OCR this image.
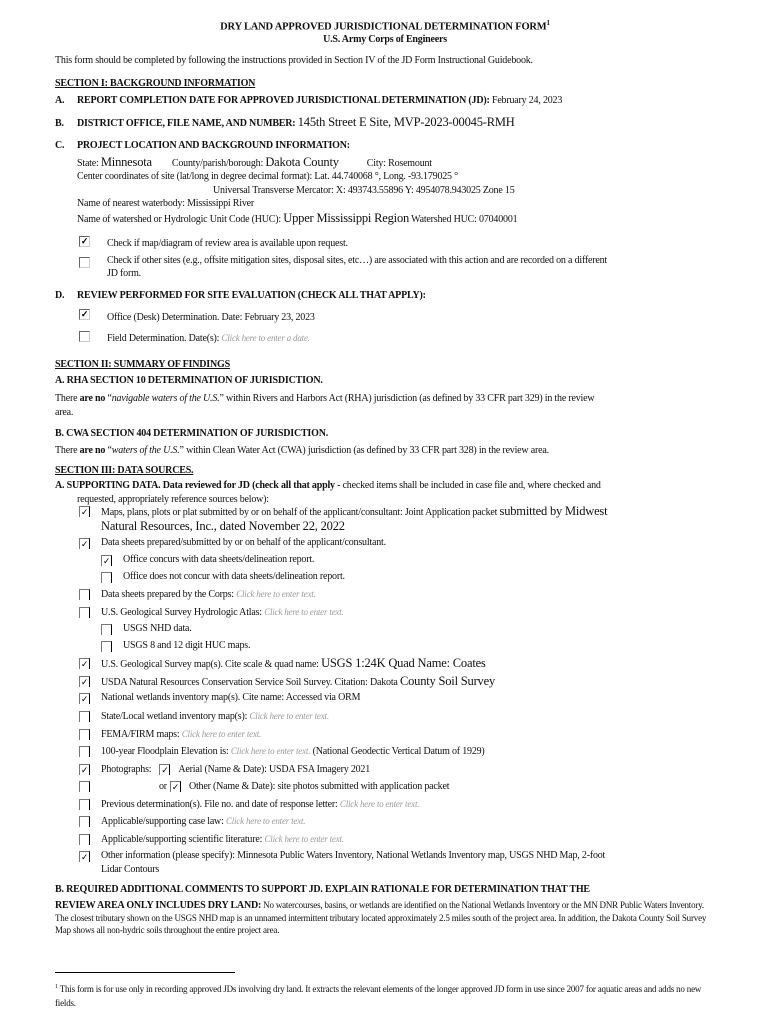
DRY LAND APPROVED JURISDICTIONAL DETERMINATION FORM$^1$
U.S. Army Corps of Engineers
This form should be completed by following the instructions provided in Section IV of the JD Form Instructional Guidebook.
SECTION I: BACKGROUND INFORMATION
A. REPORT COMPLETION DATE FOR APPROVED JURISDICTIONAL DETERMINATION (JD): February 24, 2023
B. DISTRICT OFFICE, FILE NAME, AND NUMBER: 145th Street E Site, MVP-2023-00045-RMH
C. PROJECT LOCATION AND BACKGROUND INFORMATION:
State: Minnesota County/parish/borough: Dakota County	City: Rosemount
Center coordinates of site (lat/long in degree decimal format): Lat. 44.740068 °, Long. -93.179025 °
Universal Transverse Mercator: X: 493743.55896 Y: 4954078.943025 Zone 15
Name of nearest waterbody: Mississippi River
Name of watershed or Hydrologic Unit Code (HUC): Upper Mississippi Region Watershed HUC: 07040001
✓ Check if map/diagram of review area is available upon request.
Check if other sites (e.g., offsite mitigation sites, disposal sites, etc…) are associated with this action and are recorded on a different
JD form.
D. REVIEW PERFORMED FOR SITE EVALUATION (CHECK ALL THAT APPLY):
✓ Office (Desk) Determination. Date: February 23, 2023
Field Determination. Date(s): Click here to enter a date.
SECTION II: SUMMARY OF FINDINGS
A. RHA SECTION 10 DETERMINATION OF JURISDICTION.
There are no “navigable waters of the U.S.” within Rivers and Harbors Act (RHA) jurisdiction (as defined by 33 CFR part 329) in the review
area.
B. CWA SECTION 404 DETERMINATION OF JURISDICTION.
There are no “waters of the U.S.” within Clean Water Act (CWA) jurisdiction (as defined by 33 CFR part 328) in the review area.
SECTION III: DATA SOURCES.
A. SUPPORTING DATA. Data reviewed for JD (check all that apply - checked items shall be included in case file and, where checked and
requested, appropriately reference sources below):
✓ Maps, plans, plots or plat submitted by or on behalf of the applicant/consultant: Joint Application packet submitted by Midwest
Natural Resources, Inc., dated November 22, 2022
✓ Data sheets prepared/submitted by or on behalf of the applicant/consultant.
✓ Office concurs with data sheets/delineation report.
Office does not concur with data sheets/delineation report.
Data sheets prepared by the Corps: Click here to enter text.
U.S. Geological Survey Hydrologic Atlas: Click here to enter text.
USGS NHD data.
USGS 8 and 12 digit HUC maps.
✓ U.S. Geological Survey map(s). Cite scale & quad name: USGS 1:24K Quad Name: Coates
✓ USDA Natural Resources Conservation Service Soil Survey. Citation: Dakota County Soil Survey
✓ National wetlands inventory map(s). Cite name: Accessed via ORM
State/Local wetland inventory map(s): Click here to enter text.
FEMA/FIRM maps: Click here to enter text.
100-year Floodplain Elevation is: Click here to enter text. (National Geodectic Vertical Datum of 1929)
✓ Photographs: ✓ Aerial (Name & Date): USDA FSA Imagery 2021
or ✓ Other (Name & Date): site photos submitted with application packet
Previous determination(s). File no. and date of response letter: Click here to enter text.
Applicable/supporting case law: Click here to enter text.
Applicable/supporting scientific literature: Click here to enter text.
✓ Other information (please specify): Minnesota Public Waters Inventory, National Wetlands Inventory map, USGS NHD Map, 2-foot
Lidar Contours
B. REQUIRED ADDITIONAL COMMENTS TO SUPPORT JD. EXPLAIN RATIONALE FOR DETERMINATION THAT THE
REVIEW AREA ONLY INCLUDES DRY LAND: No watercourses, basins, or wetlands are identified on the National Wetlands Inventory or the MN DNR Public Waters Inventory. The closest tributary shown on the USGS NHD map is an unnamed intermittent tributary located approximately 2.5 miles south of the project area. In addition, the Dakota County Soil Survey Map shows all non-hydric soils throughout the entire project area.
$^1$ This form is for use only in recording approved JDs involving dry land. It extracts the relevant elements of the longer approved JD form in use since 2007 for aquatic areas and adds no new fields.
